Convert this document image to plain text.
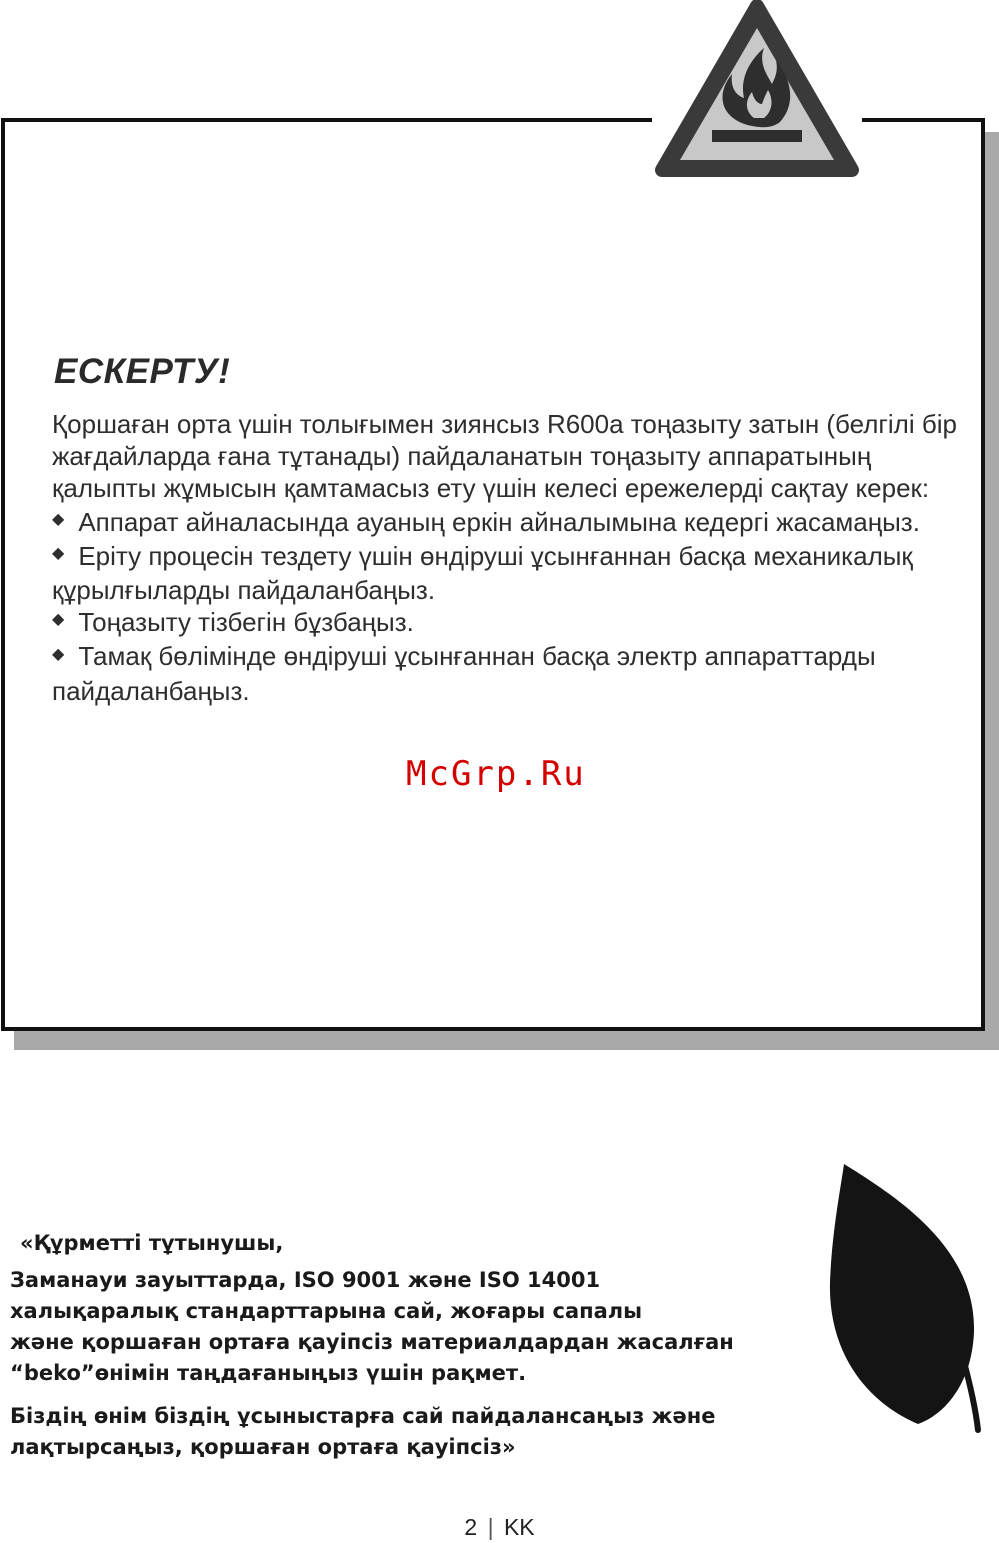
ЕСКЕРТУ!

Қоршаған орта үшін толығымен зиянсыз R600a тоңазыту затын (белгілі бір жағдайларда ғана тұтанады) пайдаланатын тоңазыту аппаратының қалыпты жұмысын қамтамасыз ету үшін келесі ережелерді сақтау керек:

◆ Аппарат айналасында ауаның еркін айналымына кедергі жасамаңыз.

◆ Еріту процесін тездету үшін өндіруші ұсынғаннан басқа механикалық құрылғыларды пайдаланбаңыз.

◆ Тоңазыту тізбегін бұзбаңыз.

◆ Тамақ бөлімінде өндіруші ұсынғаннан басқа электр аппараттарды пайдаланбаңыз.

McGrp.Ru

«Құрметті тұтынушы,

Заманауи зауыттарда, ISO 9001 және ISO 14001

халықаралық стандарттарына сай, жоғары сапалы

және қоршаған ортаға қауіпсіз материалдардан жасалған

“beko”өнімін таңдағаныңыз үшін рақмет.

Біздің өнім біздің ұсыныстарға сай пайдалансаңыз және

лақтырсаңыз, қоршаған ортаға қауіпсіз»

2 | KK
